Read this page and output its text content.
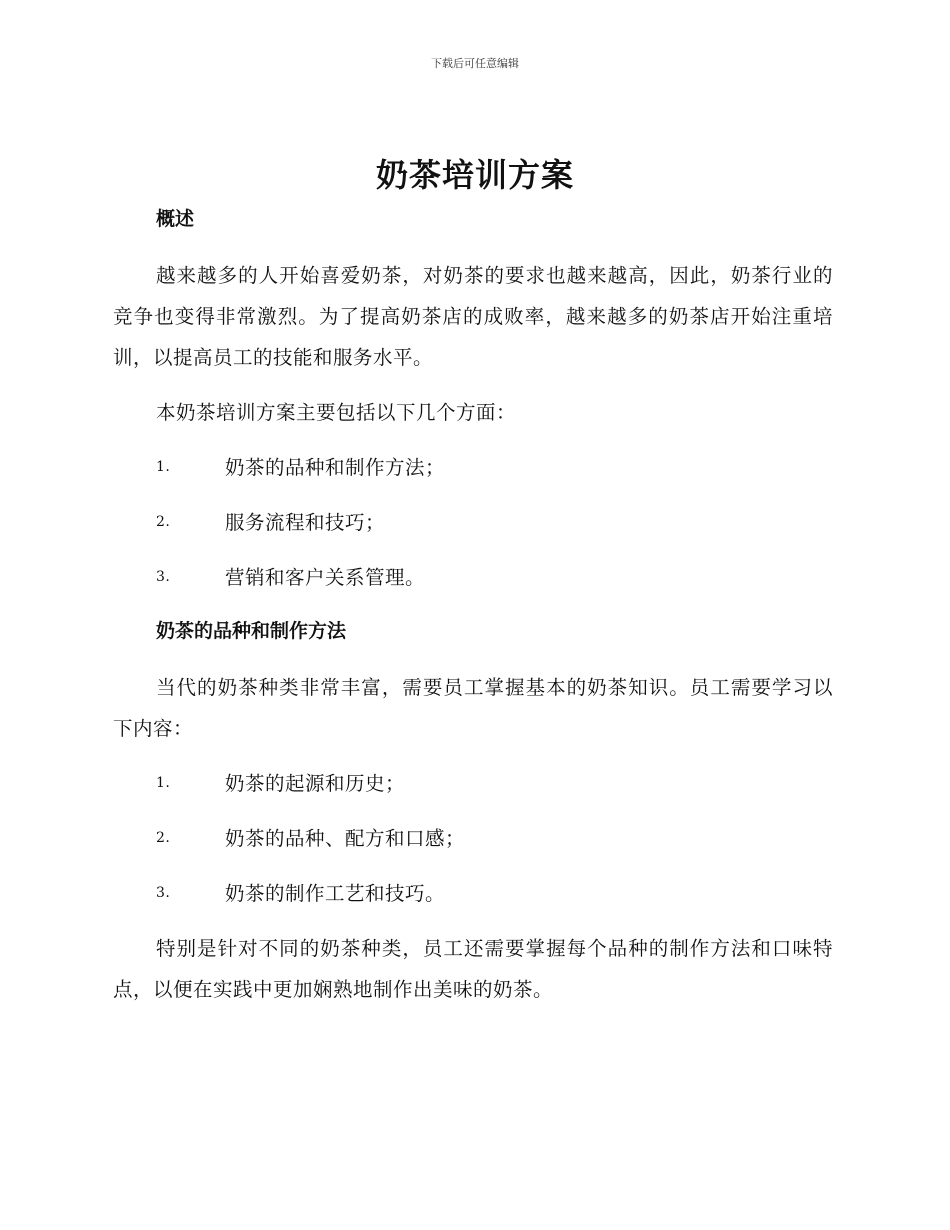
下载后可任意编辑
奶茶培训方案
概述

越来越多的人开始喜爱奶茶，对奶茶的要求也越来越高，因此，奶茶行业的竞争也变得非常激烈。为了提高奶茶店的成败率，越来越多的奶茶店开始注重培训，以提高员工的技能和服务水平。

本奶茶培训方案主要包括以下几个方面：

1.	奶茶的品种和制作方法；
2.	服务流程和技巧；
3.	营销和客户关系管理。
奶茶的品种和制作方法

当代的奶茶种类非常丰富，需要员工掌握基本的奶茶知识。员工需要学习以下内容：

1.	奶茶的起源和历史；
2.	奶茶的品种、配方和口感；
3.	奶茶的制作工艺和技巧。

特别是针对不同的奶茶种类，员工还需要掌握每个品种的制作方法和口味特点，以便在实践中更加娴熟地制作出美味的奶茶。
